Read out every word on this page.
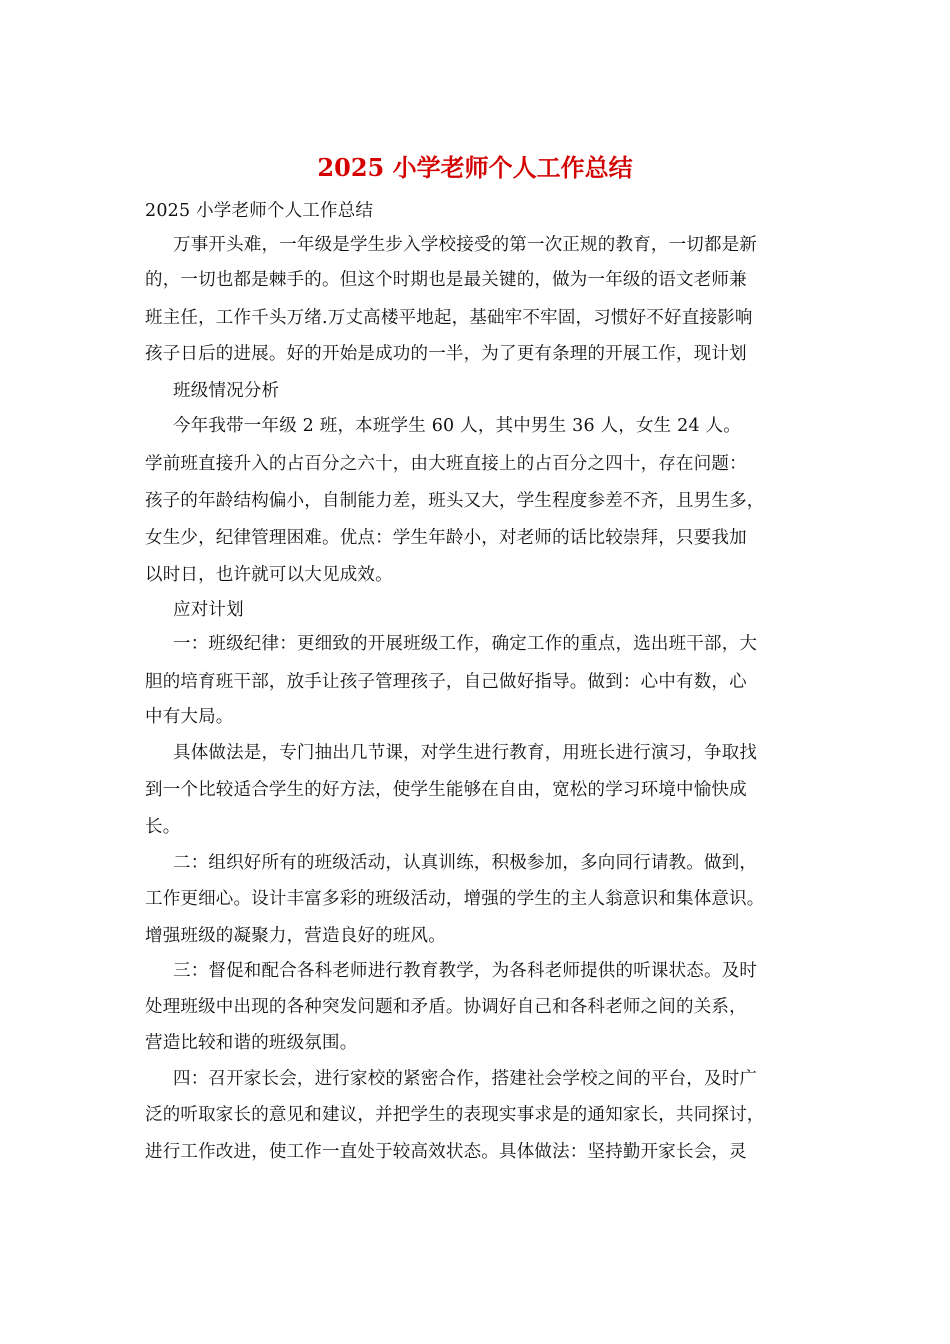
2025 小学老师个人工作总结
2025 小学老师个人工作总结
万事开头难，一年级是学生步入学校接受的第一次正规的教育，一切都是新
的，一切也都是棘手的。但这个时期也是最关键的，做为一年级的语文老师兼
班主任，工作千头万绪.万丈高楼平地起，基础牢不牢固，习惯好不好直接影响
孩子日后的进展。好的开始是成功的一半，为了更有条理的开展工作，现计划
班级情况分析
今年我带一年级 2 班，本班学生 60 人，其中男生 36 人，女生 24 人。
学前班直接升入的占百分之六十，由大班直接上的占百分之四十，存在问题：
孩子的年龄结构偏小，自制能力差，班头又大，学生程度参差不齐，且男生多，
女生少，纪律管理困难。优点：学生年龄小，对老师的话比较崇拜，只要我加
以时日，也许就可以大见成效。
应对计划
一：班级纪律：更细致的开展班级工作，确定工作的重点，选出班干部，大
胆的培育班干部，放手让孩子管理孩子，自己做好指导。做到：心中有数，心
中有大局。
具体做法是，专门抽出几节课，对学生进行教育，用班长进行演习，争取找
到一个比较适合学生的好方法，使学生能够在自由，宽松的学习环境中愉快成
长。
二：组织好所有的班级活动，认真训练，积极参加，多向同行请教。做到，
工作更细心。设计丰富多彩的班级活动，增强的学生的主人翁意识和集体意识。
增强班级的凝聚力，营造良好的班风。
三：督促和配合各科老师进行教育教学，为各科老师提供的听课状态。及时
处理班级中出现的各种突发问题和矛盾。协调好自己和各科老师之间的关系，
营造比较和谐的班级氛围。
四：召开家长会，进行家校的紧密合作，搭建社会学校之间的平台，及时广
泛的听取家长的意见和建议，并把学生的表现实事求是的通知家长，共同探讨，
进行工作改进，使工作一直处于较高效状态。具体做法：坚持勤开家长会，灵
